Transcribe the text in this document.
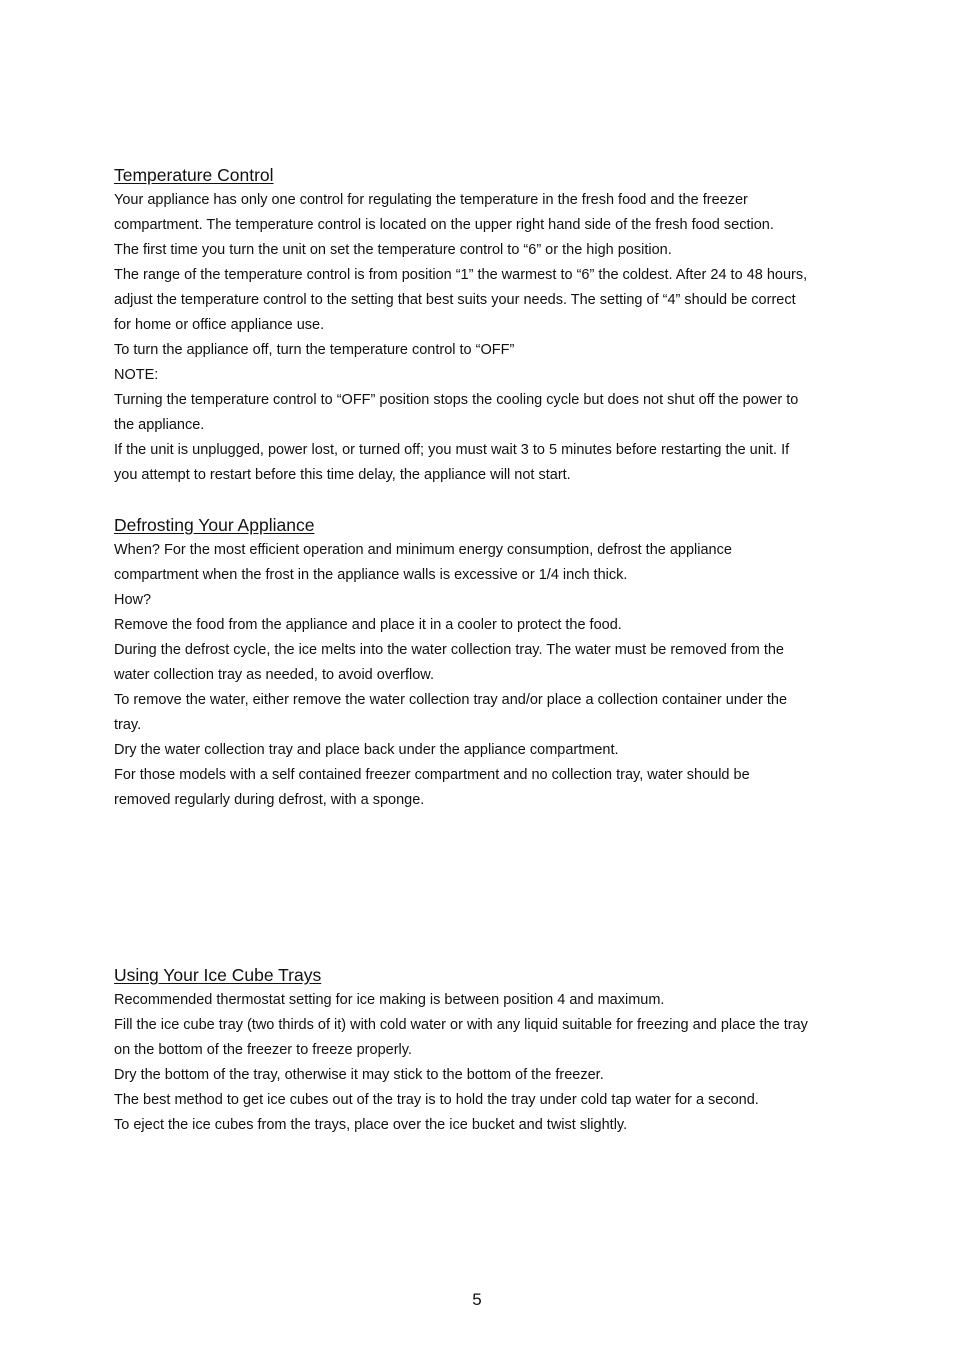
Temperature Control

Your appliance has only one control for regulating the temperature in the fresh food and the freezer

compartment. The temperature control is located on the upper right hand side of the fresh food section.

The first time you turn the unit on set the temperature control to “6” or the high position.

The range of the temperature control is from position “1” the warmest to “6” the coldest. After 24 to 48 hours,

adjust the temperature control to the setting that best suits your needs. The setting of “4” should be correct

for home or office appliance use.

To turn the appliance off, turn the temperature control to “OFF”

NOTE:

Turning the temperature control to “OFF” position stops the cooling cycle but does not shut off the power to

the appliance.

If the unit is unplugged, power lost, or turned off; you must wait 3 to 5 minutes before restarting the unit. If

you attempt to restart before this time delay, the appliance will not start.

Defrosting Your Appliance

When? For the most efficient operation and minimum energy consumption, defrost the appliance

compartment when the frost in the appliance walls is excessive or 1/4 inch thick.

How?

Remove the food from the appliance and place it in a cooler to protect the food.

During the defrost cycle, the ice melts into the water collection tray. The water must be removed from the

water collection tray as needed, to avoid overflow.

To remove the water, either remove the water collection tray and/or place a collection container under the

tray.

Dry the water collection tray and place back under the appliance compartment.

For those models with a self contained freezer compartment and no collection tray, water should be

removed regularly during defrost, with a sponge.

Using Your Ice Cube Trays

Recommended thermostat setting for ice making is between position 4 and maximum.

Fill the ice cube tray (two thirds of it) with cold water or with any liquid suitable for freezing and place the tray

on the bottom of the freezer to freeze properly.

Dry the bottom of the tray, otherwise it may stick to the bottom of the freezer.

The best method to get ice cubes out of the tray is to hold the tray under cold tap water for a second.

To eject the ice cubes from the trays, place over the ice bucket and twist slightly.

5
